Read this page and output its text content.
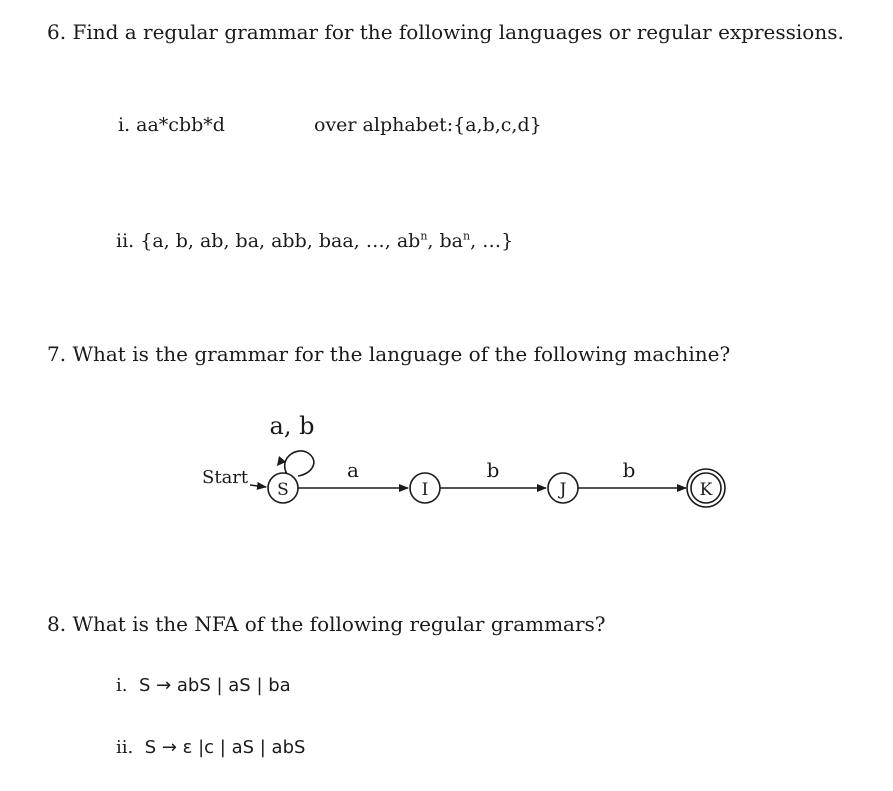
6. Find a regular grammar for the following languages or regular expressions.
i. aa*cbb*d	over alphabet:{a,b,c,d}
ii. {a, b, ab, ba, abb, baa, …, $ab^n$, $ba^n$, …}
7. What is the grammar for the language of the following machine?
a, b
Start
S
a
I
b
J
b
K
8. What is the NFA of the following regular grammars?
i. S → abS | aS | ba
ii. S → ε |c | aS | abS
